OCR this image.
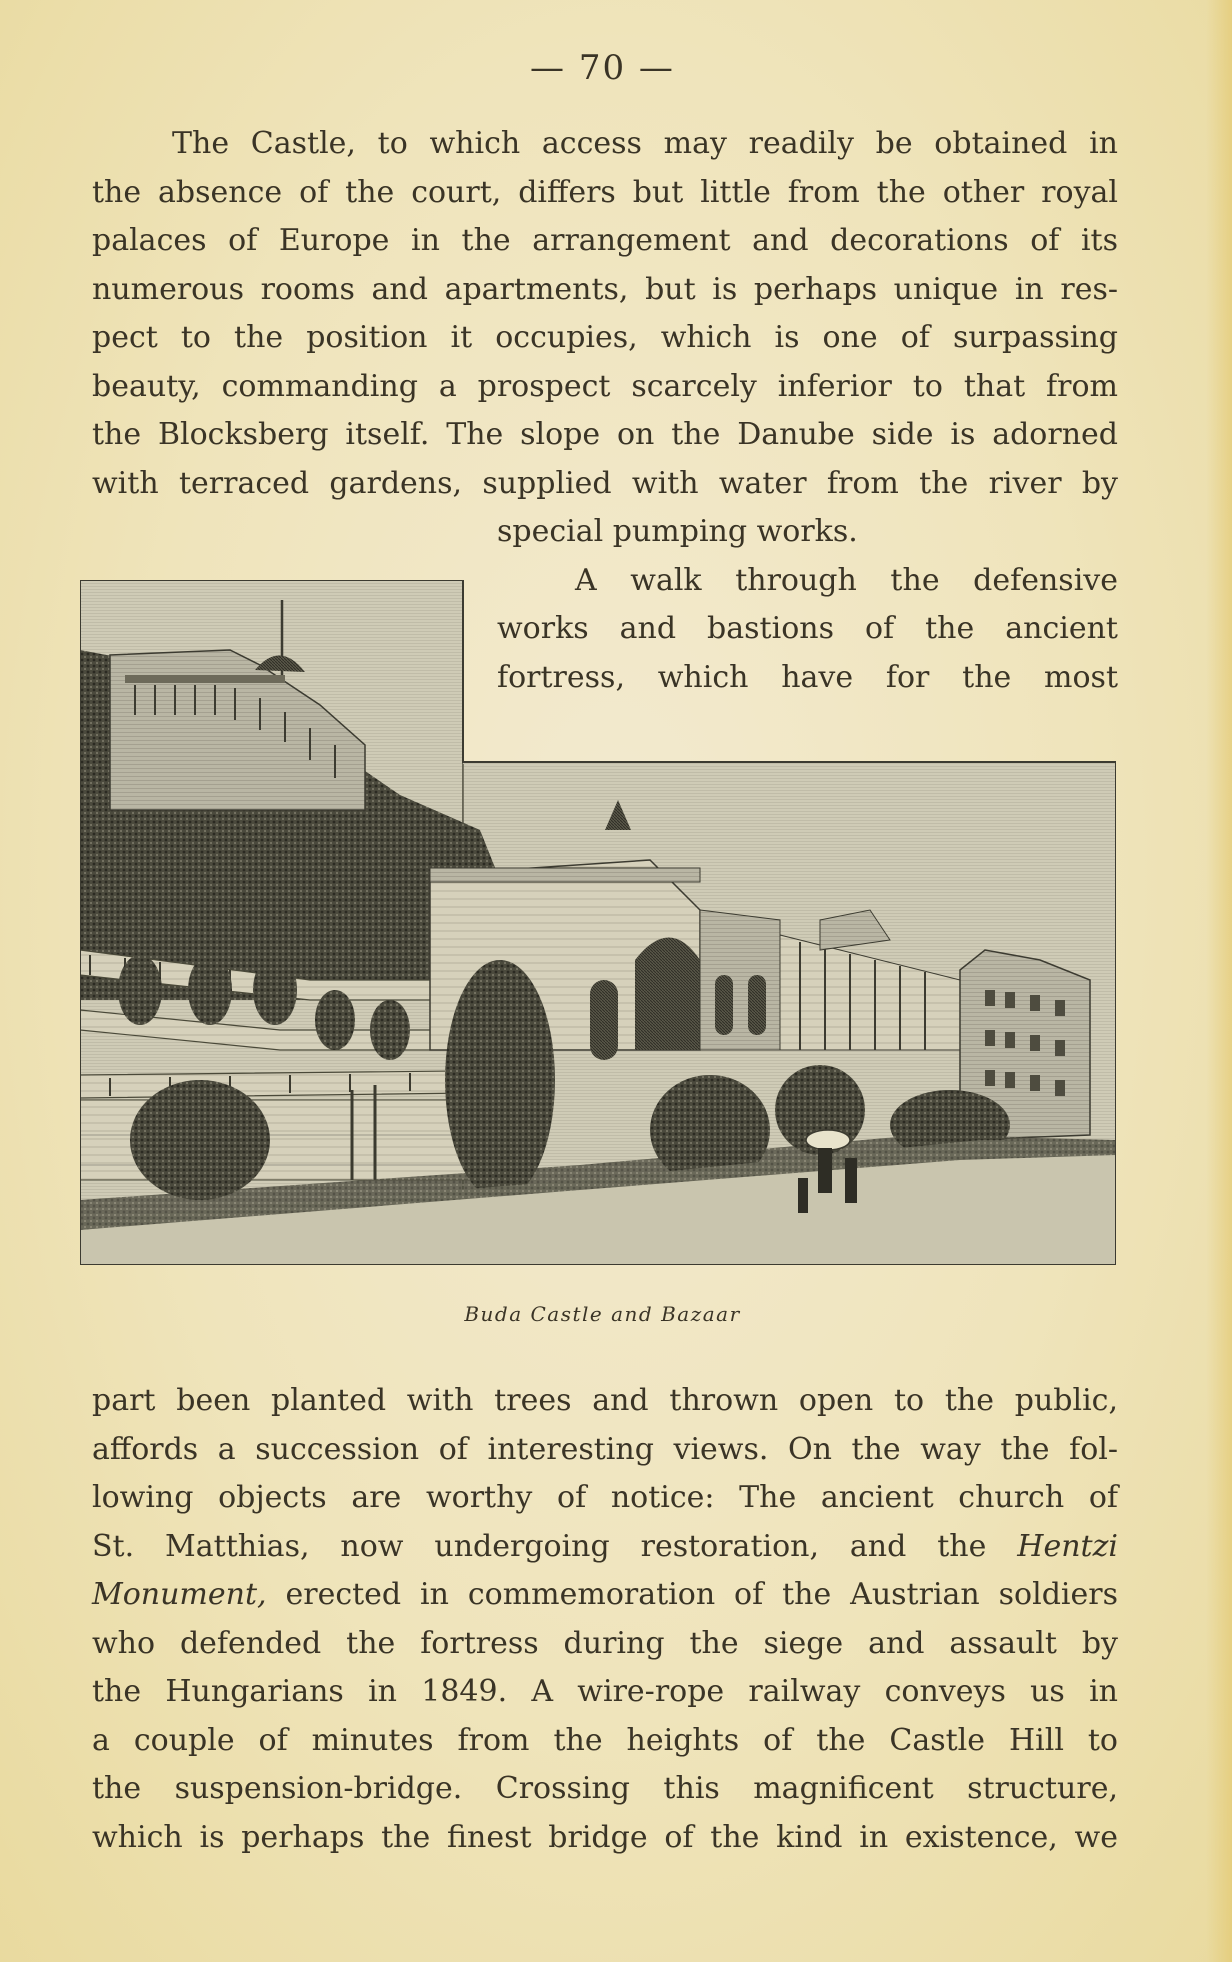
— 70 —
The Castle, to which access may readily be obtained in
the absence of the court, differs but little from the other royal
palaces of Europe in the arrangement and decorations of its
numerous rooms and apartments, but is perhaps unique in res-
pect to the position it occupies, which is one of surpassing
beauty, commanding a prospect scarcely inferior to that from
the Blocksberg itself. The slope on the Danube side is adorned
with terraced gardens, supplied with water from the river by
special pumping works.
A walk through the defensive
works and bastions of the ancient
fortress, which have for the most
Buda Castle and Bazaar
part been planted with trees and thrown open to the public,
affords a succession of interesting views. On the way the fol-
lowing objects are worthy of notice: The ancient church of
St. Matthias, now undergoing restoration, and the Hentzi
Monument, erected in commemoration of the Austrian soldiers
who defended the fortress during the siege and assault by
the Hungarians in 1849. A wire-rope railway conveys us in
a couple of minutes from the heights of the Castle Hill to
the suspension-bridge. Crossing this magnificent structure,
which is perhaps the finest bridge of the kind in existence, we
